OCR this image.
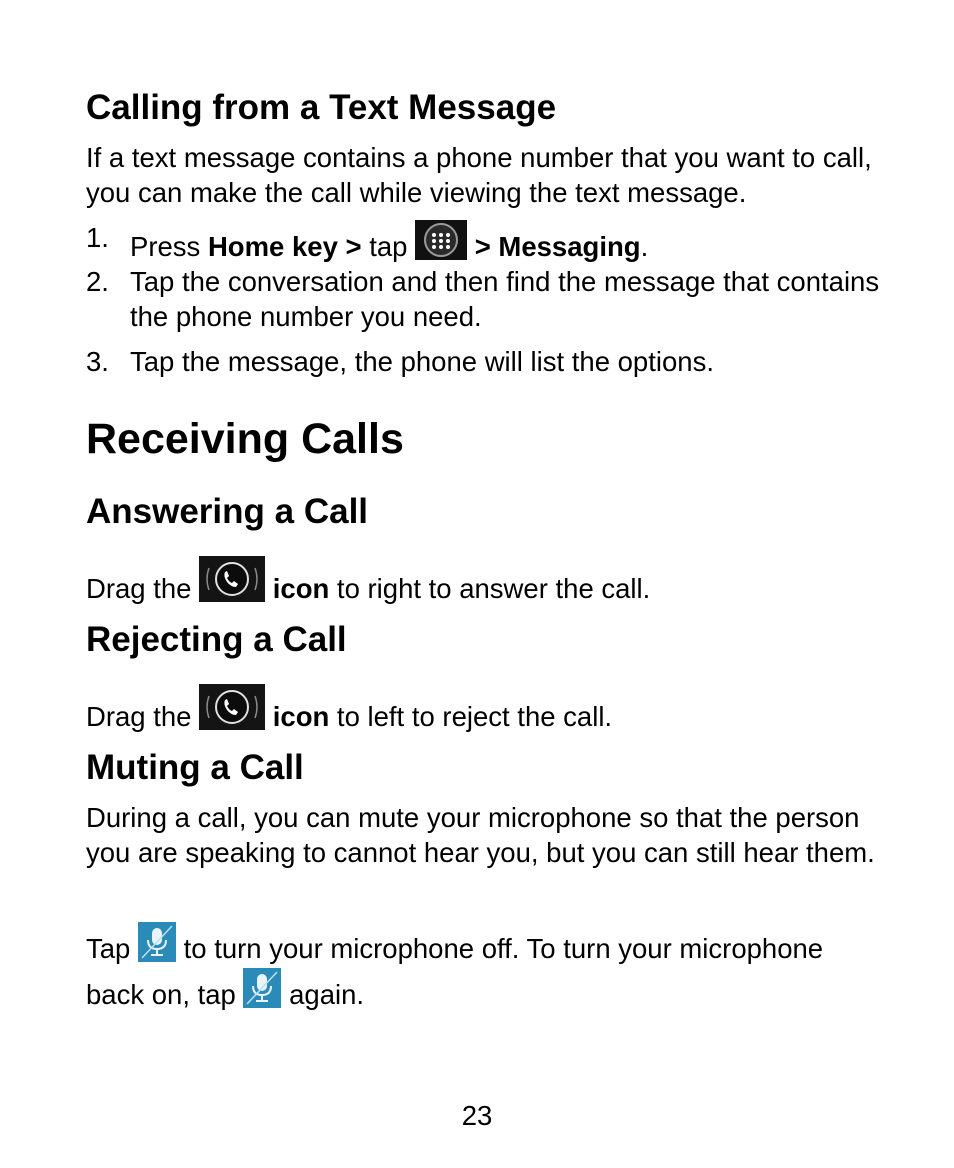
Calling from a Text Message

If a text message contains a phone number that you want to call, you can make the call while viewing the text message.

1. Press Home key > tap  > Messaging.
2. Tap the conversation and then find the message that contains the phone number you need.
3. Tap the message, the phone will list the options.
Receiving Calls
Answering a Call

Drag the	icon to right to answer the call.

Rejecting a Call

Drag the	icon to left to reject the call.

Muting a Call

During a call, you can mute your microphone so that the person you are speaking to cannot hear you, but you can still hear them.

Tap  to turn your microphone off. To turn your microphone

back on, tap  again.

23
